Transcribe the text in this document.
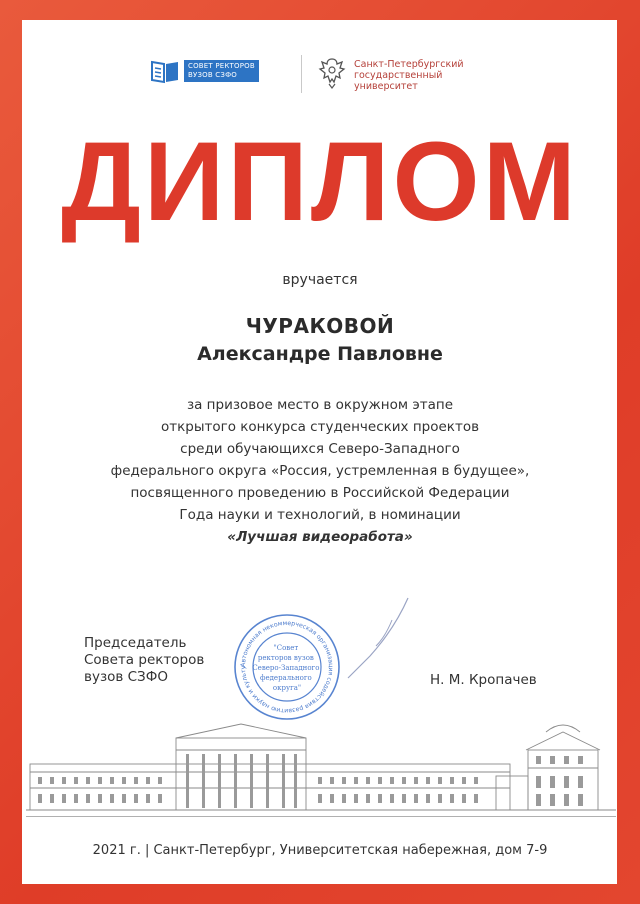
СОВЕТ РЕКТОРОВ
ВУЗОВ СЗФО
Санкт-Петербургский
государственный
университет
ДИПЛОМ
вручается
ЧУРАКОВОЙ
Александре Павловне
за призовое место в окружном этапе
открытого конкурса студенческих проектов
среди обучающихся Северо-Западного
федерального округа «Россия, устремленная в будущее»,
посвященного проведению в Российской Федерации
Года науки и технологий, в номинации
«Лучшая видеоработа»
Председатель
Совета ректоров
вузов СЗФО
Автономная некоммерческая организация содействия развитию науки и культу
"Совет ректоров вузов Северо-Западного федерального округа"	Н. М. Кропачев
2021 г. | Санкт-Петербург, Университетская набережная, дом 7-9
